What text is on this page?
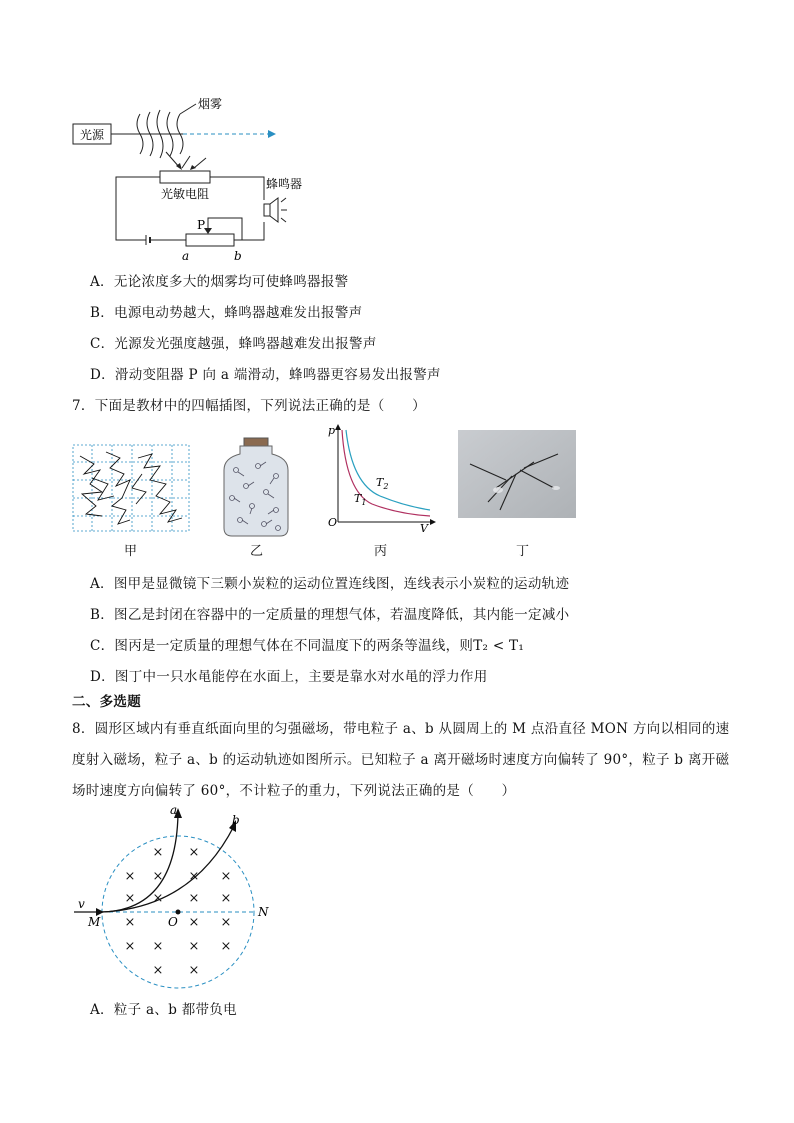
光源
烟雾
光敏电阻
P
a	b
蜂鸣器
A．无论浓度多大的烟雾均可使蜂鸣器报警
B．电源电动势越大，蜂鸣器越难发出报警声
C．光源发光强度越强，蜂鸣器越难发出报警声
D．滑动变阻器 P 向 a 端滑动，蜂鸣器更容易发出报警声
7．下面是教材中的四幅插图，下列说法正确的是（　　）
甲	乙
p
V
O
$T_2$
$T_1$
丙	丁
A．图甲是显微镜下三颗小炭粒的运动位置连线图，连线表示小炭粒的运动轨迹
B．图乙是封闭在容器中的一定质量的理想气体，若温度降低，其内能一定减小
C．图丙是一定质量的理想气体在不同温度下的两条等温线，则T₂ < T₁
D．图丁中一只水黾能停在水面上，主要是靠水对水黾的浮力作用
二、多选题
8．圆形区域内有垂直纸面向里的匀强磁场，带电粒子 a、b 从圆周上的 M 点沿直径 MON 方向以相同的速
度射入磁场，粒子 a、b 的运动轨迹如图所示。已知粒子 a 离开磁场时速度方向偏转了 90°，粒子 b 离开磁
场时速度方向偏转了 60°，不计粒子的重力，下列说法正确的是（　　）
× ×
× × × ×
× × × ×
×	× ×
× × × ×
× ×
a
b
v
M	O
N
A．粒子 a、b 都带负电
